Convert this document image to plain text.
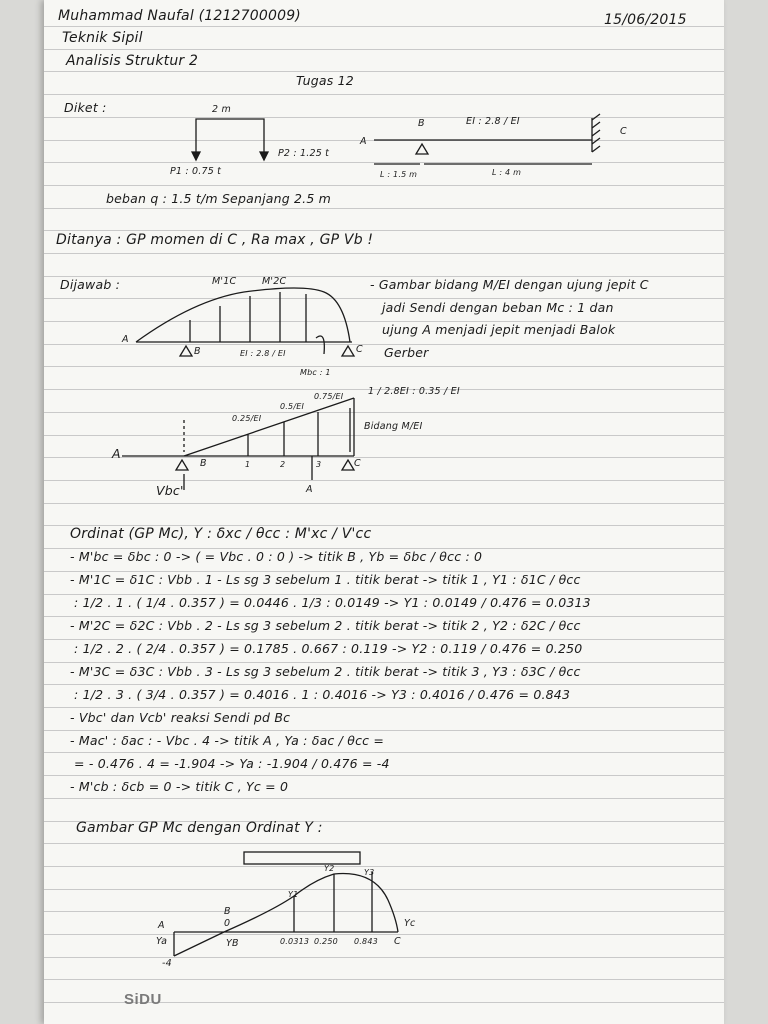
Muhammad Naufal (1212700009)	15/06/2015
Teknik Sipil
Analisis Struktur 2
Tugas 12
Diket :	2 m
P1 : 0.75 t
P2 : 1.25 t
A
B
C
EI : 2.8 / EI
L : 1.5 m	L : 4 m
beban q : 1.5 t/m Sepanjang 2.5 m
Ditanya : GP momen di C , Ra max , GP Vb !
Dijawab :	M'1C	M'2C	- Gambar bidang M/EI dengan ujung jepit C
jadi Sendi dengan beban Mc : 1 dan
ujung A menjadi jepit menjadi Balok
Gerber
A
B	C
EI : 2.8 / EI
Mbc : 1
1 / 2.8EI : 0.35 / EI
0.25/EI
0.5/EI
0.75/EI
Bidang M/EI
A
B	C
1	2	3
A
Vbc'
Ordinat (GP Mc), Y : δxc / θcc : M'xc / V'cc
- M'bc = δbc : 0 -> ( = Vbc . 0 : 0 ) -> titik B , Yb = δbc / θcc : 0
- M'1C = δ1C : Vbb . 1 - Ls sg 3 sebelum 1 . titik berat -> titik 1 , Y1 : δ1C / θcc
: 1/2 . 1 . ( 1/4 . 0.357 ) = 0.0446 . 1/3 : 0.0149 -> Y1 : 0.0149 / 0.476 = 0.0313
- M'2C = δ2C : Vbb . 2 - Ls sg 3 sebelum 2 . titik berat -> titik 2 , Y2 : δ2C / θcc
: 1/2 . 2 . ( 2/4 . 0.357 ) = 0.1785 . 0.667 : 0.119 -> Y2 : 0.119 / 0.476 = 0.250
- M'3C = δ3C : Vbb . 3 - Ls sg 3 sebelum 2 . titik berat -> titik 3 , Y3 : δ3C / θcc
: 1/2 . 3 . ( 3/4 . 0.357 ) = 0.4016 . 1 : 0.4016 -> Y3 : 0.4016 / 0.476 = 0.843
- Vbc' dan Vcb' reaksi Sendi pd Bc
- Mac' : δac : - Vbc . 4 -> titik A , Ya : δac / θcc =
= - 0.476 . 4 = -1.904 -> Ya : -1.904 / 0.476 = -4
- M'cb : δcb = 0 -> titik C , Yc = 0
Gambar GP Mc dengan Ordinat Y :
A
Ya
B
0
YB	C
Yc
Y1
Y2	Y3
0.0313 0.250 0.843
-4
SiDU
